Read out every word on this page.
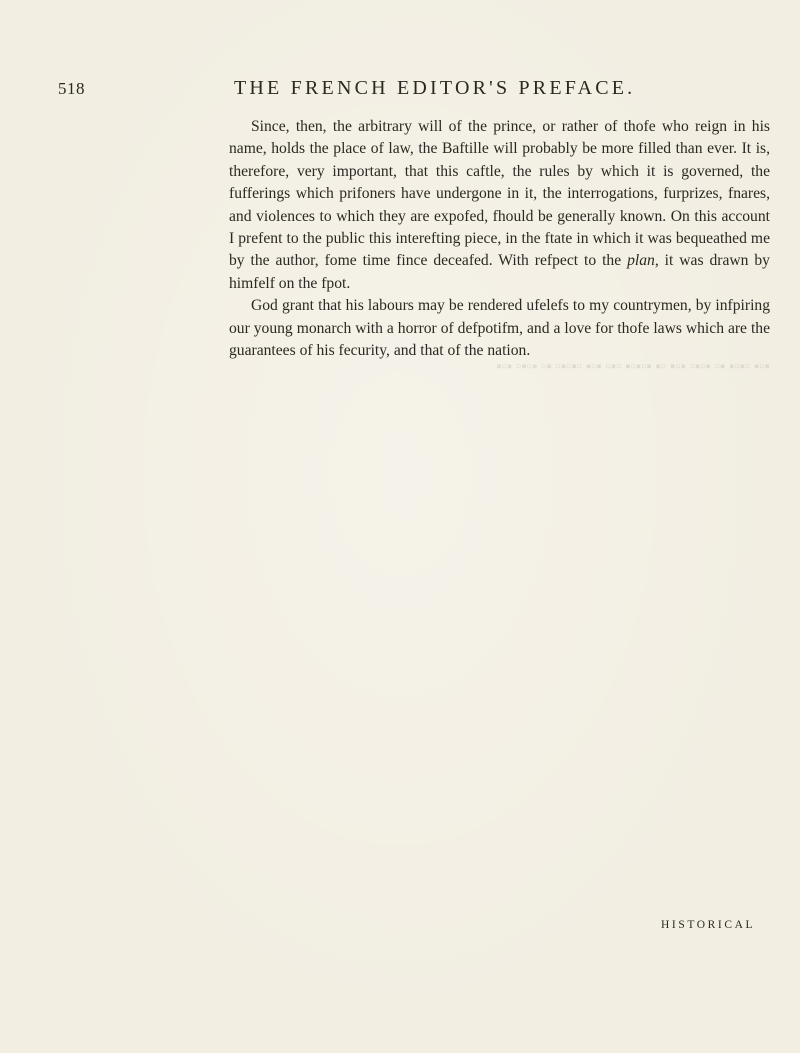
▪▫▪ ▫▪▫▪ ▪▫ ▪▫▪▫ ▪▫▪ ▫▪ ▪▫▪▫▪ ▫▪▫ ▪▫▪ ▫▪▫▪▫ ▪▫ ▪▫▪▫ ▪▫▪
518	THE FRENCH EDITOR'S PREFACE.

Since, then, the arbitrary will of the prince, or rather of thofe who reign in his name, holds the place of law, the Baftille will probably be more filled than ever. It is, therefore, very important, that this caftle, the rules by which it is governed, the fufferings which prifoners have undergone in it, the interrogations, furprizes, fnares, and violences to which they are expofed, fhould be generally known. On this account I prefent to the public this interefting piece, in the ftate in which it was bequeathed me by the author, fome time fince deceafed. With refpect to the plan, it was drawn by himfelf on the fpot.

God grant that his labours may be rendered ufelefs to my countrymen, by infpiring our young monarch with a horror of defpotifm, and a love for thofe laws which are the guarantees of his fecurity, and that of the nation.

HISTORICAL
